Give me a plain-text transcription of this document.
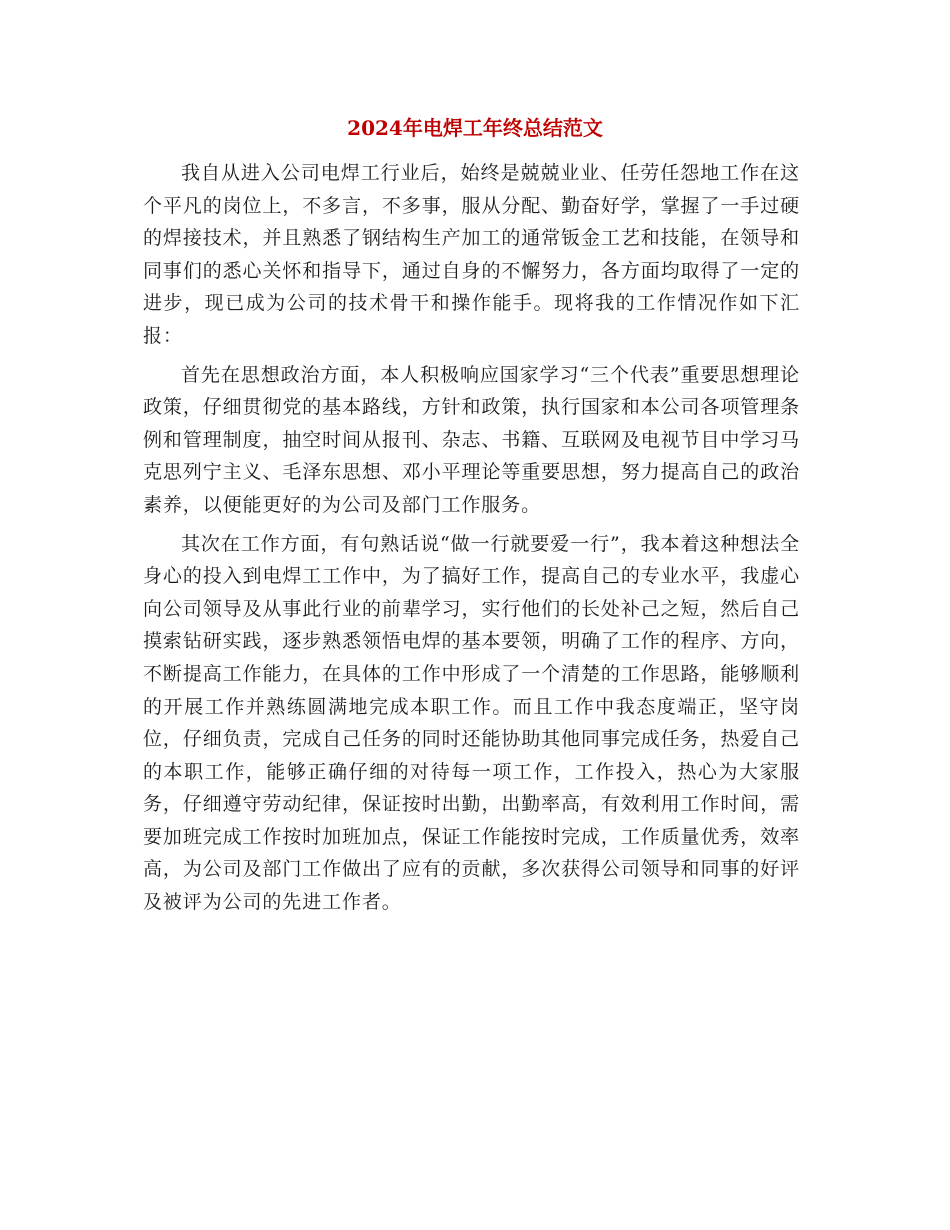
2024年电焊工年终总结范文

我自从进入公司电焊工行业后，始终是兢兢业业、任劳任怨地工作在这个平凡的岗位上，不多言，不多事，服从分配、勤奋好学，掌握了一手过硬的焊接技术，并且熟悉了钢结构生产加工的通常钣金工艺和技能，在领导和同事们的悉心关怀和指导下，通过自身的不懈努力，各方面均取得了一定的进步，现已成为公司的技术骨干和操作能手。现将我的工作情况作如下汇报：

首先在思想政治方面，本人积极响应国家学习“三个代表”重要思想理论政策，仔细贯彻党的基本路线，方针和政策，执行国家和本公司各项管理条例和管理制度，抽空时间从报刊、杂志、书籍、互联网及电视节目中学习马克思列宁主义、毛泽东思想、邓小平理论等重要思想，努力提高自己的政治素养，以便能更好的为公司及部门工作服务。

其次在工作方面，有句熟话说“做一行就要爱一行”，我本着这种想法全身心的投入到电焊工工作中，为了搞好工作，提高自己的专业水平，我虚心向公司领导及从事此行业的前辈学习，实行他们的长处补己之短，然后自己摸索钻研实践，逐步熟悉领悟电焊的基本要领，明确了工作的程序、方向，不断提高工作能力，在具体的工作中形成了一个清楚的工作思路，能够顺利的开展工作并熟练圆满地完成本职工作。而且工作中我态度端正，坚守岗位，仔细负责，完成自己任务的同时还能协助其他同事完成任务，热爱自己的本职工作，能够正确仔细的对待每一项工作，工作投入，热心为大家服务，仔细遵守劳动纪律，保证按时出勤，出勤率高，有效利用工作时间，需要加班完成工作按时加班加点，保证工作能按时完成，工作质量优秀，效率高，为公司及部门工作做出了应有的贡献，多次获得公司领导和同事的好评及被评为公司的先进工作者。
